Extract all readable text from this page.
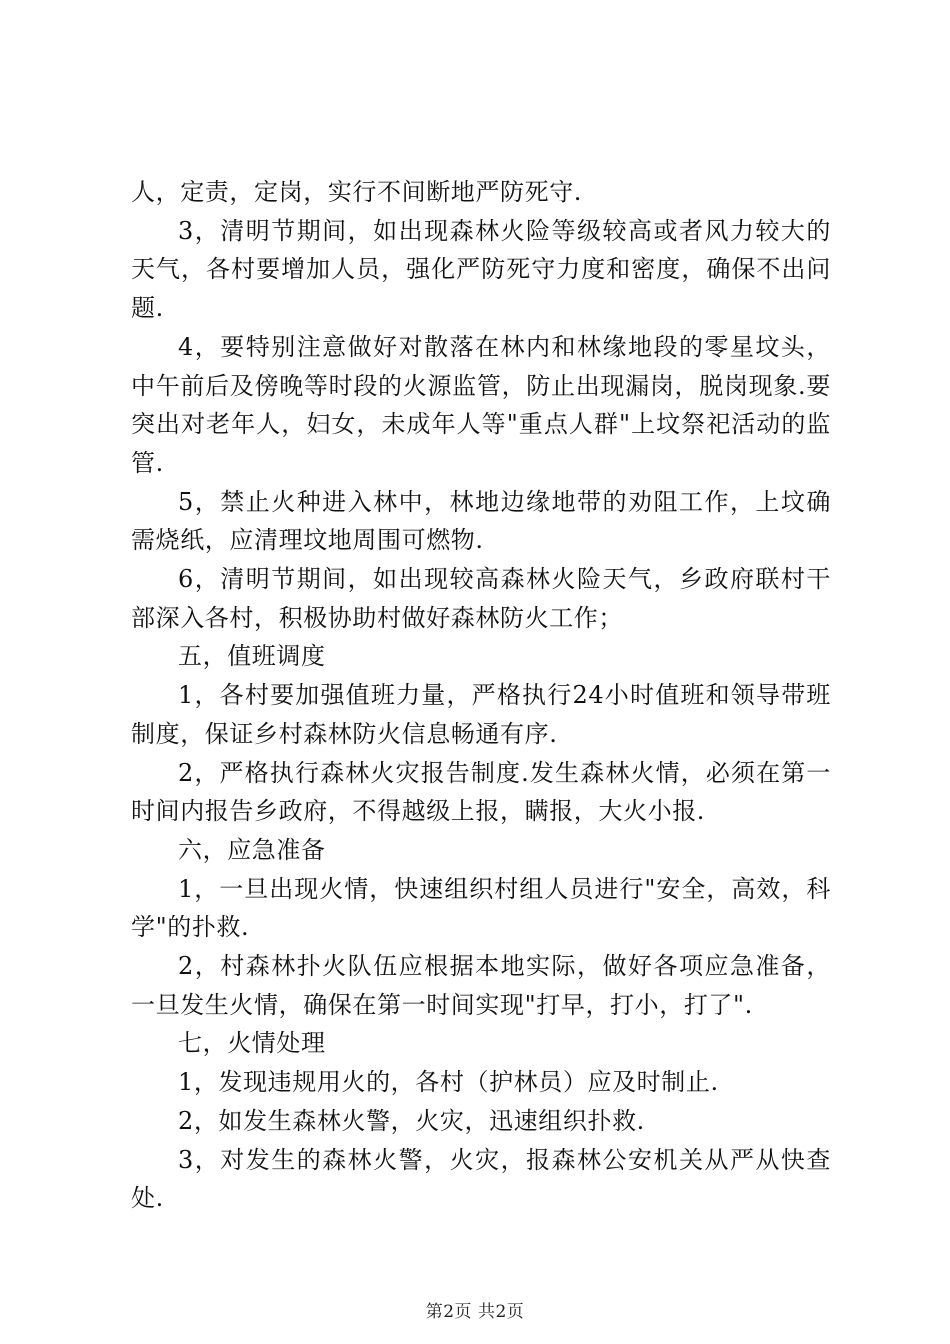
人，定责，定岗，实行不间断地严防死守.

3，清明节期间，如出现森林火险等级较高或者风力较大的天气，各村要增加人员，强化严防死守力度和密度，确保不出问题.

4，要特别注意做好对散落在林内和林缘地段的零星坟头，中午前后及傍晚等时段的火源监管，防止出现漏岗，脱岗现象.要突出对老年人，妇女，未成年人等"重点人群"上坟祭祀活动的监管.

5，禁止火种进入林中，林地边缘地带的劝阻工作，上坟确需烧纸，应清理坟地周围可燃物.

6，清明节期间，如出现较高森林火险天气，乡政府联村干部深入各村，积极协助村做好森林防火工作；

五，值班调度

1，各村要加强值班力量，严格执行24小时值班和领导带班制度，保证乡村森林防火信息畅通有序.

2，严格执行森林火灾报告制度.发生森林火情，必须在第一时间内报告乡政府，不得越级上报，瞒报，大火小报.

六，应急准备

1，一旦出现火情，快速组织村组人员进行"安全，高效，科学"的扑救.

2，村森林扑火队伍应根据本地实际，做好各项应急准备，一旦发生火情，确保在第一时间实现"打早，打小，打了".

七，火情处理

1，发现违规用火的，各村（护林员）应及时制止.

2，如发生森林火警，火灾，迅速组织扑救.

3，对发生的森林火警，火灾，报森林公安机关从严从快查处.

第2页 共2页
